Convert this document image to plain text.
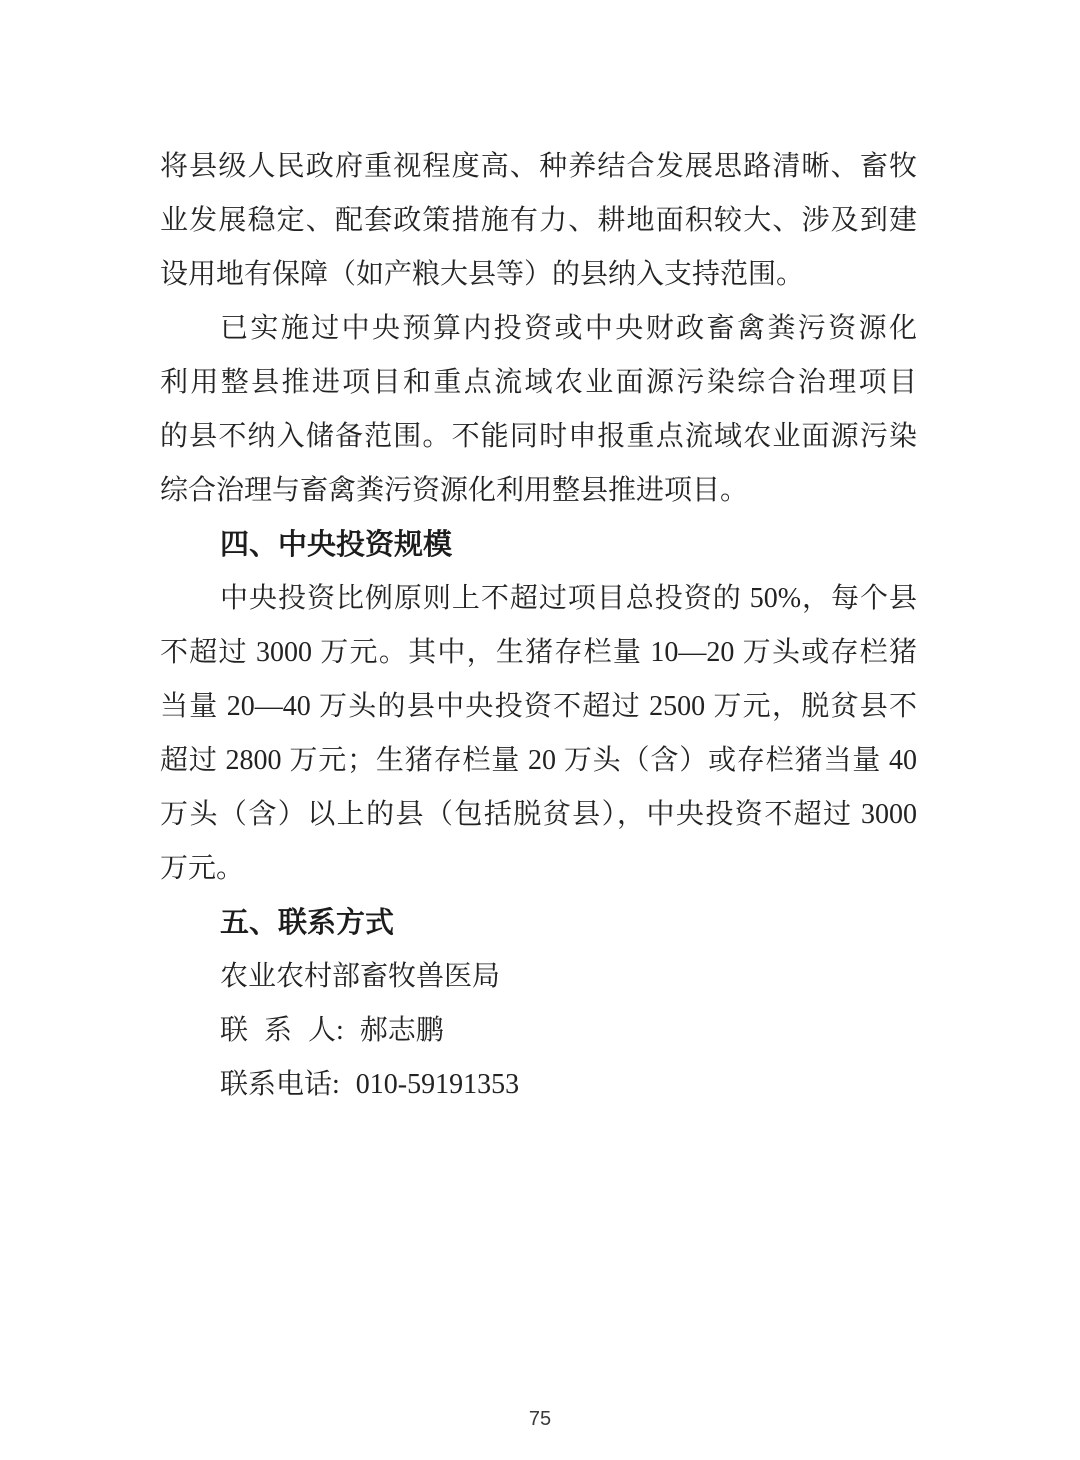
将县级人民政府重视程度高、种养结合发展思路清晰、畜牧
业发展稳定、配套政策措施有力、耕地面积较大、涉及到建
设用地有保障（如产粮大县等）的县纳入支持范围。
已实施过中央预算内投资或中央财政畜禽粪污资源化
利用整县推进项目和重点流域农业面源污染综合治理项目
的县不纳入储备范围。不能同时申报重点流域农业面源污染
综合治理与畜禽粪污资源化利用整县推进项目。
四、中央投资规模
中央投资比例原则上不超过项目总投资的 50%，每个县
不超过 3000 万元。其中，生猪存栏量 10—20 万头或存栏猪
当量 20—40 万头的县中央投资不超过 2500 万元，脱贫县不
超过 2800 万元；生猪存栏量 20 万头（含）或存栏猪当量 40
万头（含）以上的县（包括脱贫县），中央投资不超过 3000
万元。
五、联系方式
农业农村部畜牧兽医局
联 系 人: 郝志鹏
联系电话: 010-59191353
75
